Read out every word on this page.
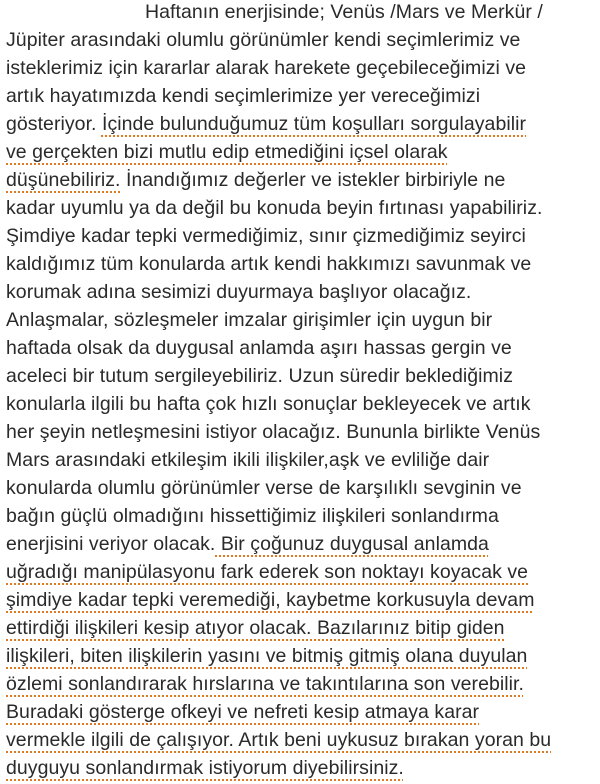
Haftanın enerjisinde; Venüs /Mars ve Merkür /
Jüpiter arasındaki olumlu görünümler kendi seçimlerimiz ve
isteklerimiz için kararlar alarak harekete geçebileceğimizi ve
artık hayatımızda kendi seçimlerimize yer vereceğimizi
gösteriyor. İçinde bulunduğumuz tüm koşulları sorgulayabilir
ve gerçekten bizi mutlu edip etmediğini içsel olarak
düşünebiliriz. İnandığımız değerler ve istekler birbiriyle ne
kadar uyumlu ya da değil bu konuda beyin fırtınası yapabiliriz.
Şimdiye kadar tepki vermediğimiz, sınır çizmediğimiz seyirci
kaldığımız tüm konularda artık kendi hakkımızı savunmak ve
korumak adına sesimizi duyurmaya başlıyor olacağız.
Anlaşmalar, sözleşmeler imzalar girişimler için uygun bir
haftada olsak da duygusal anlamda aşırı hassas gergin ve
aceleci bir tutum sergileyebiliriz. Uzun süredir beklediğimiz
konularla ilgili bu hafta çok hızlı sonuçlar bekleyecek ve artık
her şeyin netleşmesini istiyor olacağız. Bununla birlikte Venüs
Mars arasındaki etkileşim ikili ilişkiler,aşk ve evliliğe dair
konularda olumlu görünümler verse de karşılıklı sevginin ve
bağın güçlü olmadığını hissettiğimiz ilişkileri sonlandırma
enerjisini veriyor olacak. Bir çoğunuz duygusal anlamda
uğradığı manipülasyonu fark ederek son noktayı koyacak ve
şimdiye kadar tepki veremediği, kaybetme korkusuyla devam
ettirdiği ilişkileri kesip atıyor olacak. Bazılarınız bitip giden
ilişkileri, biten ilişkilerin yasını ve bitmiş gitmiş olana duyulan
özlemi sonlandırarak hırslarına ve takıntılarına son verebilir.
Buradaki gösterge ofkeyi ve nefreti kesip atmaya karar
vermekle ilgili de çalışıyor. Artık beni uykusuz bırakan yoran bu
duyguyu sonlandırmak istiyorum diyebilirsiniz.
